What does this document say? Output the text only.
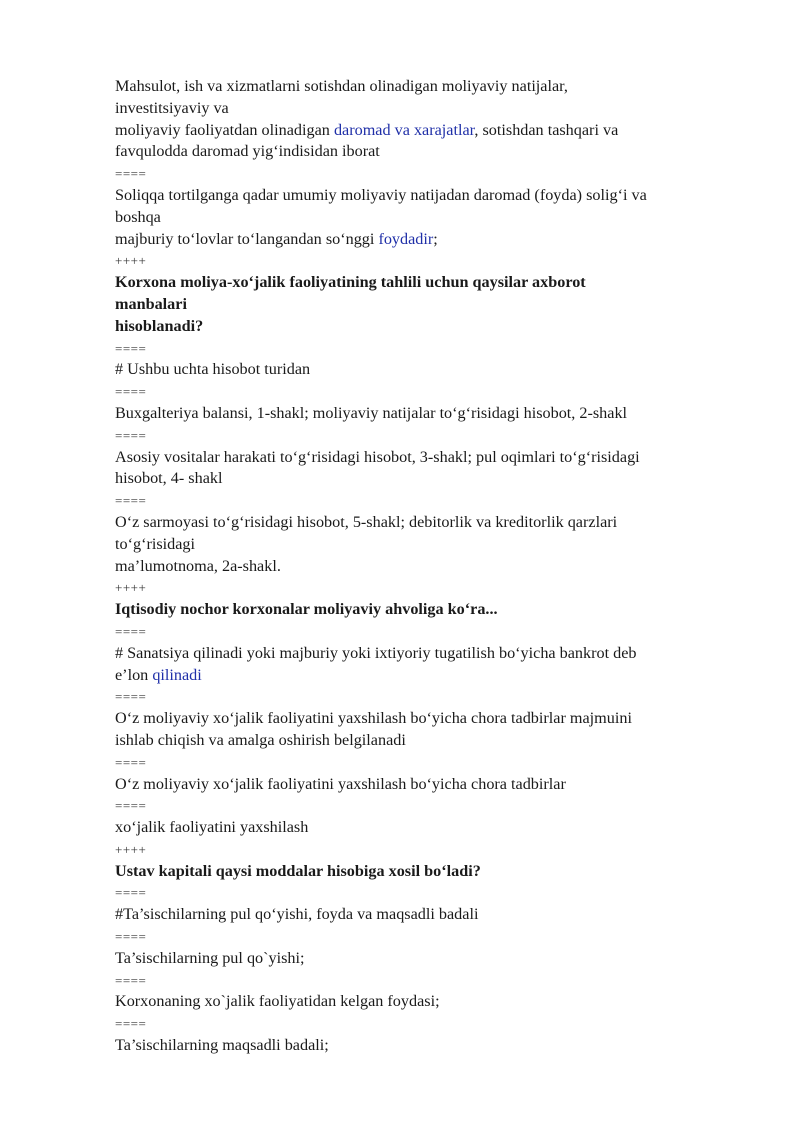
Mahsulot, ish va xizmatlarni sotishdan olinadigan moliyaviy natijalar,
investitsiyaviy va
moliyaviy faoliyatdan olinadigan daromad va xarajatlar, sotishdan tashqari va
favqulodda daromad yig‘indisidan iborat
====
Soliqqa tortilganga qadar umumiy moliyaviy natijadan daromad (foyda) solig‘i va
boshqa
majburiy to‘lovlar to‘langandan so‘nggi foydadir;
++++
Korxona moliya-xo‘jalik faoliyatining tahlili uchun qaysilar axborot
manbalari
hisoblanadi?
====
# Ushbu uchta hisobot turidan
====
Buxgalteriya balansi, 1-shakl; moliyaviy natijalar to‘g‘risidagi hisobot, 2-shakl
====
Asosiy vositalar harakati to‘g‘risidagi hisobot, 3-shakl; pul oqimlari to‘g‘risidagi
hisobot, 4- shakl
====
O‘z sarmoyasi to‘g‘risidagi hisobot, 5-shakl; debitorlik va kreditorlik qarzlari
to‘g‘risidagi
ma’lumotnoma, 2a-shakl.
++++
Iqtisodiy nochor korxonalar moliyaviy ahvoliga ko‘ra...
====
# Sanatsiya qilinadi yoki majburiy yoki ixtiyoriy tugatilish bo‘yicha bankrot deb
e’lon qilinadi
====
O‘z moliyaviy xo‘jalik faoliyatini yaxshilash bo‘yicha chora tadbirlar majmuini
ishlab chiqish va amalga oshirish belgilanadi
====
O‘z moliyaviy xo‘jalik faoliyatini yaxshilash bo‘yicha chora tadbirlar
====
xo‘jalik faoliyatini yaxshilash
++++
Ustav kapitali qaysi moddalar hisobiga xosil bo‘ladi?
====
#Ta’sischilarning pul qo‘yishi, foyda va maqsadli badali
====
Ta’sischilarning pul qo`yishi;
====
Korxonaning xo`jalik faoliyatidan kelgan foydasi;
====
Ta’sischilarning maqsadli badali;
